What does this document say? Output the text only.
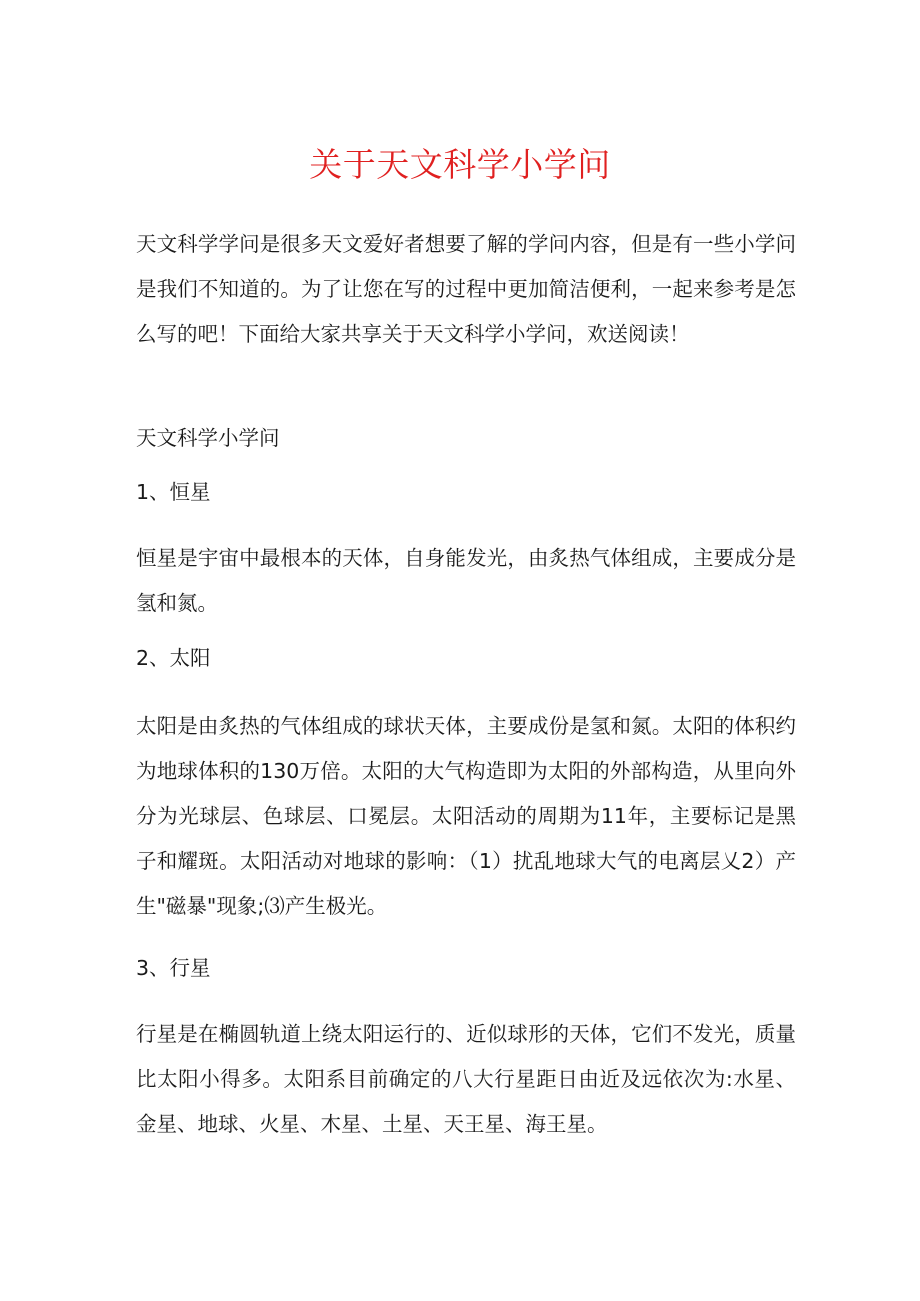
关于天文科学小学问

天文科学学问是很多天文爱好者想要了解的学问内容，但是有一些小学问是我们不知道的。为了让您在写的过程中更加简洁便利，一起来参考是怎么写的吧！下面给大家共享关于天文科学小学问，欢送阅读！

天文科学小学问

1、恒星

恒星是宇宙中最根本的天体，自身能发光，由炙热气体组成，主要成分是氢和氮。

2、太阳

太阳是由炙热的气体组成的球状天体，主要成份是氢和氮。太阳的体积约为地球体积的130万倍。太阳的大气构造即为太阳的外部构造，从里向外分为光球层、色球层、口冕层。太阳活动的周期为11年，主要标记是黑子和耀斑。太阳活动对地球的影响：（1）扰乱地球大气的电离层乂2）产生"磁暴"现象;⑶产生极光。

3、行星

行星是在椭圆轨道上绕太阳运行的、近似球形的天体，它们不发光，质量比太阳小得多。太阳系目前确定的八大行星距日由近及远依次为:水星、金星、地球、火星、木星、土星、天王星、海王星。
